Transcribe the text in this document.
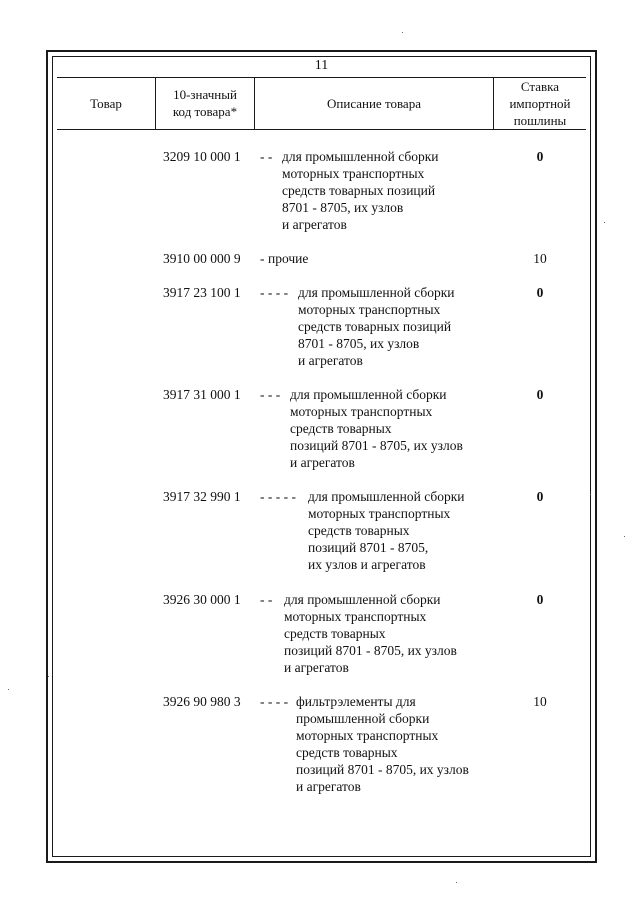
11
Товар
10-значный
код товара*
Описание товара
Ставка
импортной
пошлины
3209 10 000 1 - - для промышленной сборки
моторных транспортных
средств товарных позиций
8701 - 8705, их узлов
и агрегатов
0
3910 00 000 9 - прочие	10
3917 23 100 1 - - - - для промышленной сборки
моторных транспортных
средств товарных позиций
8701 - 8705, их узлов
и агрегатов
0
3917 31 000 1 - - - для промышленной сборки
моторных транспортных
средств товарных
позиций 8701 - 8705, их узлов
и агрегатов
0
3917 32 990 1 - - - - - для промышленной сборки
моторных транспортных
средств товарных
позиций 8701 - 8705,
их узлов и агрегатов
0
3926 30 000 1 - - для промышленной сборки
моторных транспортных
средств товарных
позиций 8701 - 8705, их узлов
и агрегатов
0
3926 90 980 3 - - - - фильтрэлементы для
промышленной сборки
моторных транспортных
средств товарных
позиций 8701 - 8705, их узлов
и агрегатов
10
